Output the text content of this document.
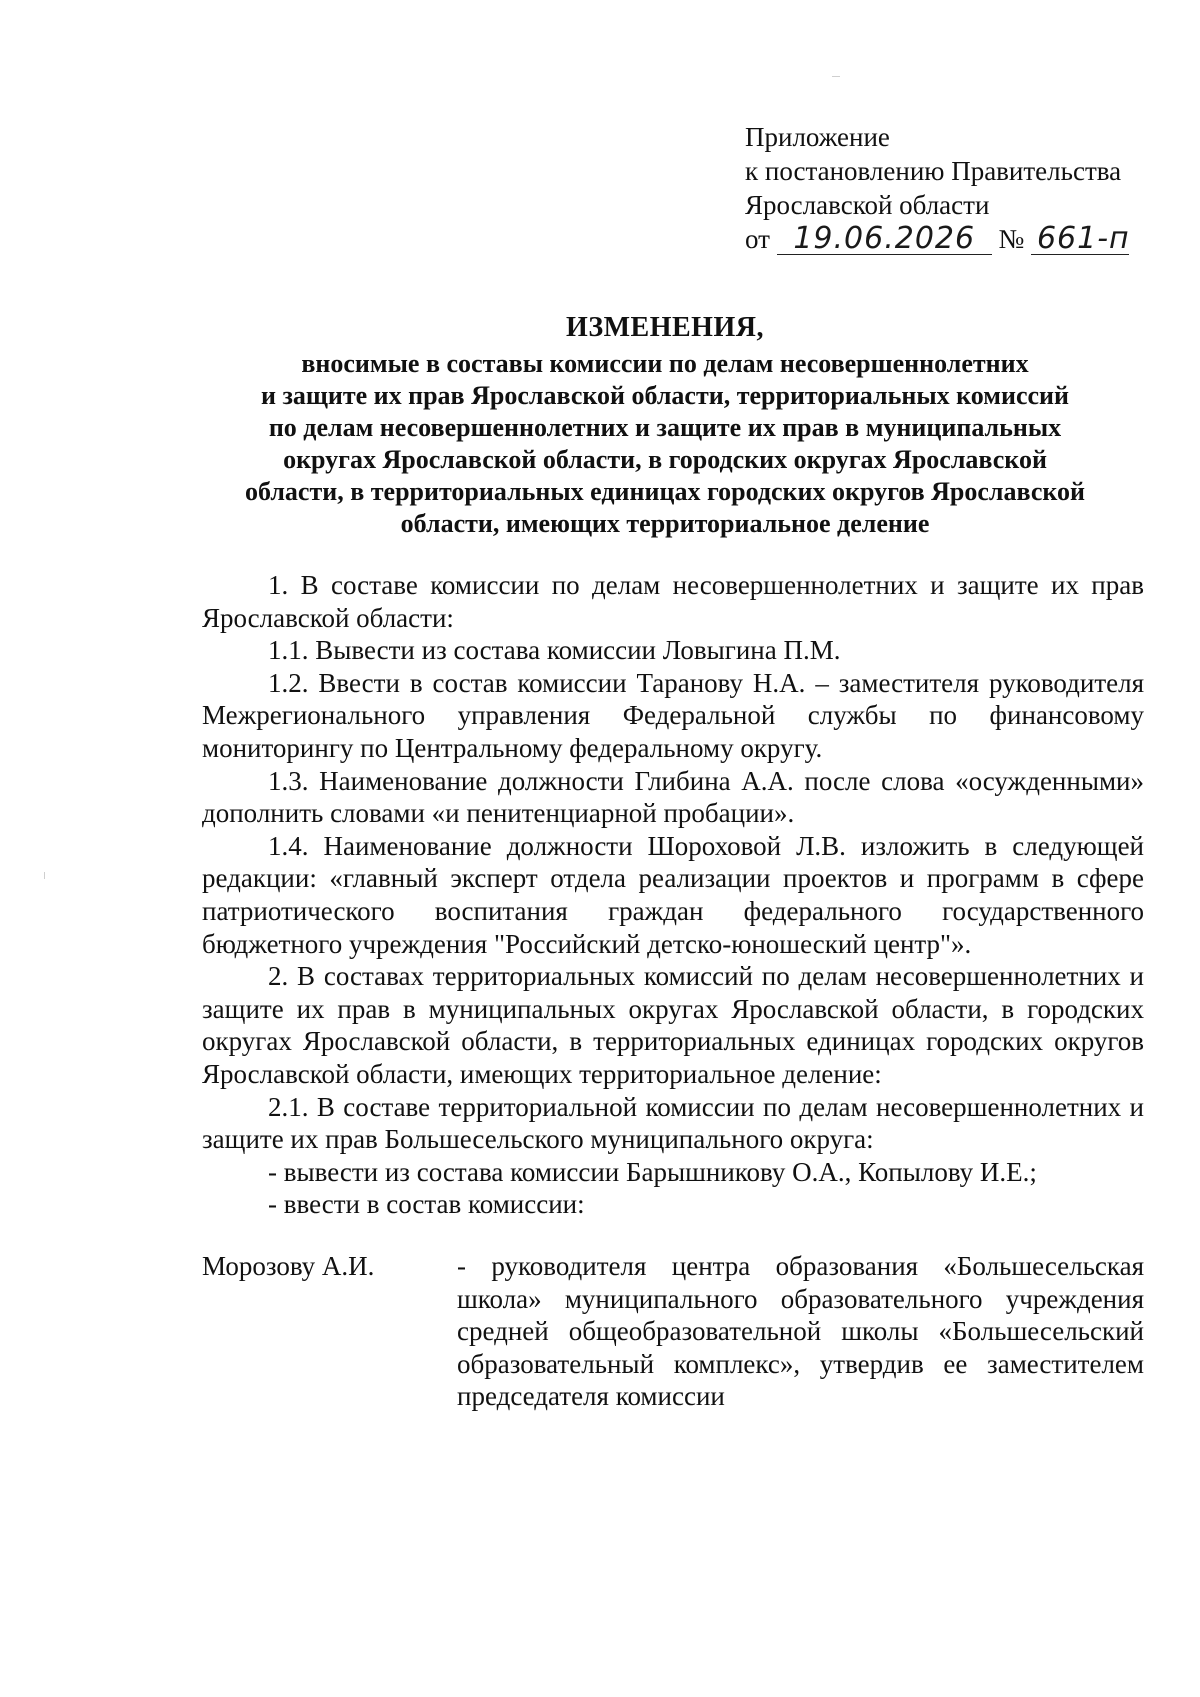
Приложение
к постановлению Правительства
Ярославской области
от 19.06.2026 № 661-п
ИЗМЕНЕНИЯ,
вносимые в составы комиссии по делам несовершеннолетних
и защите их прав Ярославской области, территориальных комиссий
по делам несовершеннолетних и защите их прав в муниципальных
округах Ярославской области, в городских округах Ярославской
области, в территориальных единицах городских округов Ярославской
области, имеющих территориальное деление

1. В составе комиссии по делам несовершеннолетних и защите их прав Ярославской области:

1.1. Вывести из состава комиссии Ловыгина П.М.

1.2. Ввести в состав комиссии Таранову Н.А. – заместителя руководителя Межрегионального управления Федеральной службы по финансовому мониторингу по Центральному федеральному округу.

1.3. Наименование должности Глибина А.А. после слова «осужденными» дополнить словами «и пенитенциарной пробации».

1.4. Наименование должности Шороховой Л.В. изложить в следующей редакции: «главный эксперт отдела реализации проектов и программ в сфере патриотического воспитания граждан федерального государственного бюджетного учреждения "Российский детско-юношеский центр"».

2. В составах территориальных комиссий по делам несовершеннолетних и защите их прав в муниципальных округах Ярославской области, в городских округах Ярославской области, в территориальных единицах городских округов Ярославской области, имеющих территориальное деление:

2.1. В составе территориальной комиссии по делам несовершеннолетних и защите их прав Большесельского муниципального округа:

- вывести из состава комиссии Барышникову О.А., Копылову И.Е.;

- ввести в состав комиссии:

Морозову А.И.	- руководителя центра образования «Большесельская школа» муниципального образовательного учреждения средней общеобразовательной школы «Большесельский образовательный комплекс», утвердив ее заместителем председателя комиссии
